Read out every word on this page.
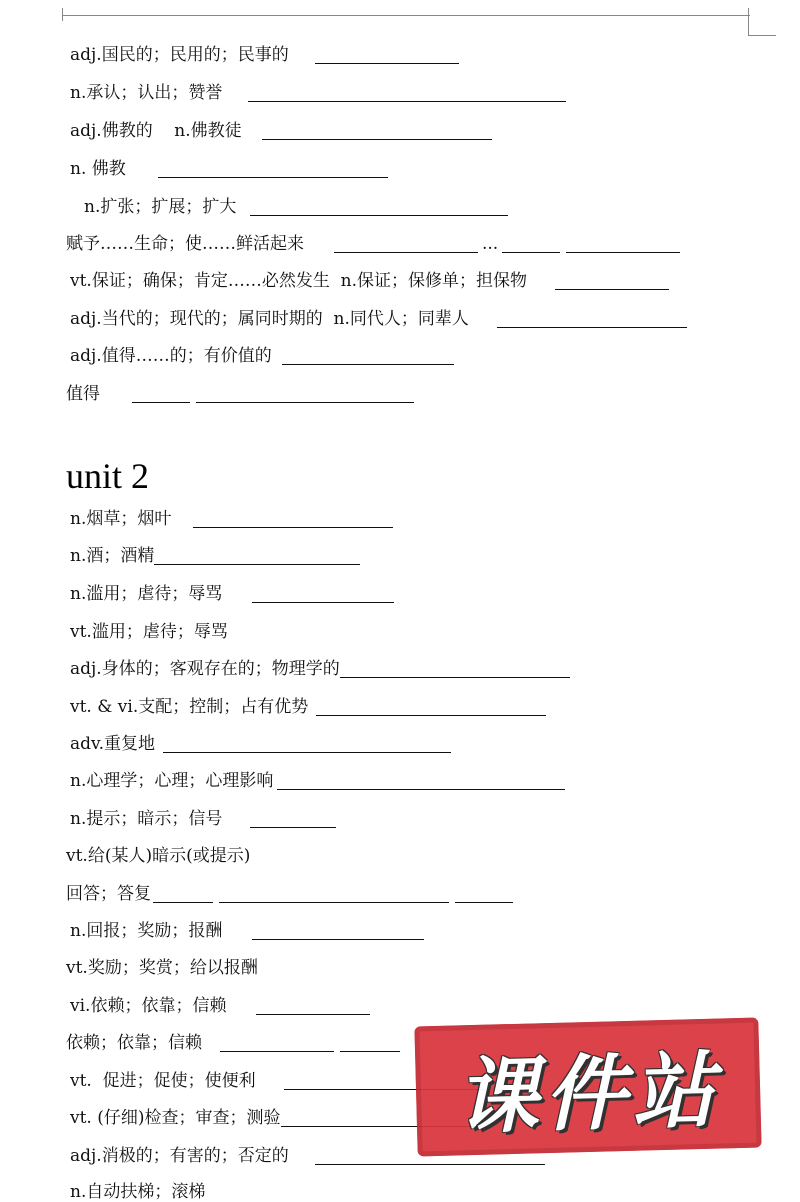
adj.国民的；民用的；民事的
n.承认；认出；赞誉
adj.佛教的    n.佛教徒
n. 佛教
n.扩张；扩展；扩大
赋予……生命；使……鲜活起来	...
vt.保证；确保；肯定……必然发生  n.保证；保修单；担保物
adj.当代的；现代的；属同时期的  n.同代人；同辈人
adj.值得……的；有价值的
值得
unit 2
n.烟草；烟叶
n.酒；酒精
n.滥用；虐待；辱骂
vt.滥用；虐待；辱骂
adj.身体的；客观存在的；物理学的
vt. & vi.支配；控制；占有优势
adv.重复地
n.心理学；心理；心理影响
n.提示；暗示；信号
vt.给(某人)暗示(或提示)
回答；答复
n.回报；奖励；报酬
vt.奖励；奖赏；给以报酬
vi.依赖；依靠；信赖
依赖；依靠；信赖
vt.  促进；促使；使便利
vt. (仔细)检查；审查；测验
adj.消极的；有害的；否定的
n.自动扶梯；滚梯
课件站
